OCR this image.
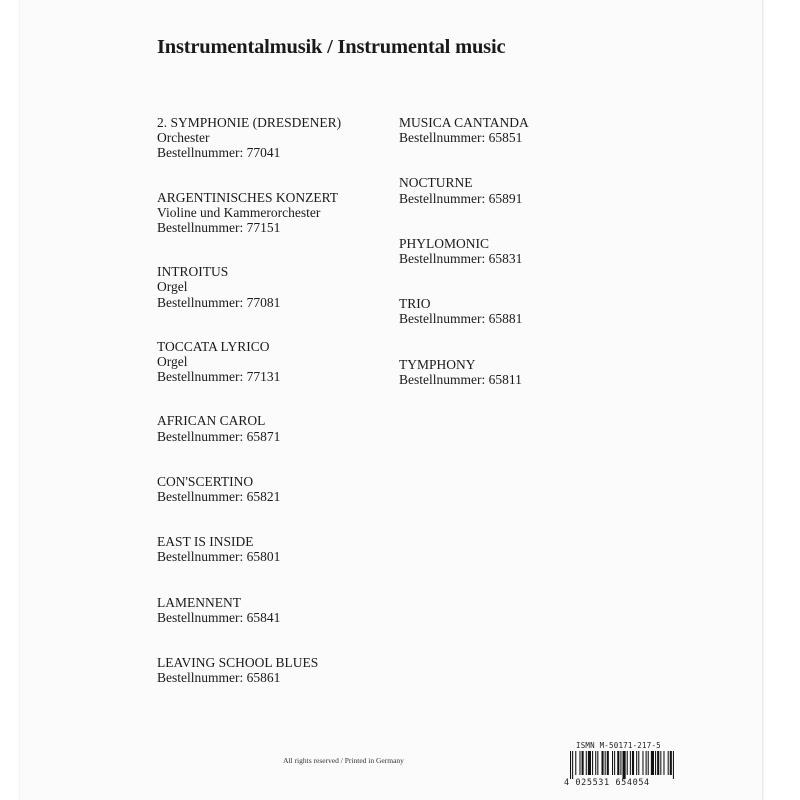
Instrumentalmusik / Instrumental music
2. SYMPHONIE (DRESDENER)
Orchester
Bestellnummer: 77041
ARGENTINISCHES KONZERT
Violine und Kammerorchester
Bestellnummer: 77151
INTROITUS
Orgel
Bestellnummer: 77081
TOCCATA LYRICO
Orgel
Bestellnummer: 77131
AFRICAN CAROL
Bestellnummer: 65871
CON'SCERTINO
Bestellnummer: 65821
EAST IS INSIDE
Bestellnummer: 65801
LAMENNENT
Bestellnummer: 65841
LEAVING SCHOOL BLUES
Bestellnummer: 65861
MUSICA CANTANDA
Bestellnummer: 65851
NOCTURNE
Bestellnummer: 65891
PHYLOMONIC
Bestellnummer: 65831
TRIO
Bestellnummer: 65881
TYMPHONY
Bestellnummer: 65811
All rights reserved / Printed in Germany
ISMN M-50171-217-5
4 025531 654054
